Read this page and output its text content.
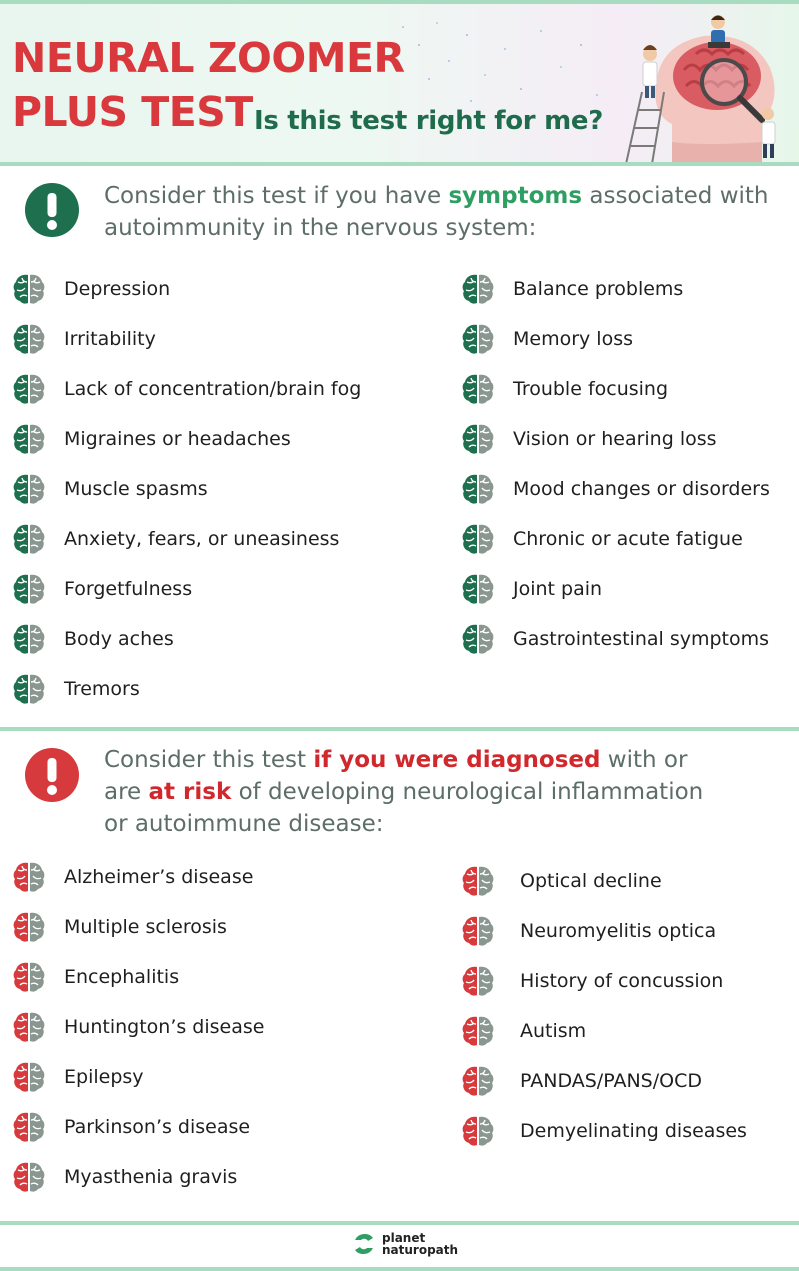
NEURAL ZOOMER
PLUS TEST Is this test right for me?
Consider this test if you have symptoms associated with autoimmunity in the nervous system:
Depression
Irritability
Lack of concentration/brain fog
Migraines or headaches
Muscle spasms
Anxiety, fears, or uneasiness
Forgetfulness
Body aches
Tremors
Balance problems
Memory loss
Trouble focusing
Vision or hearing loss
Mood changes or disorders
Chronic or acute fatigue
Joint pain
Gastrointestinal symptoms
Consider this test if you were diagnosed with or are at risk of developing neurological inflammation or autoimmune disease:
Alzheimer’s disease
Multiple sclerosis
Encephalitis
Huntington’s disease
Epilepsy
Parkinson’s disease
Myasthenia gravis
Optical decline
Neuromyelitis optica
History of concussion
Autism
PANDAS/PANS/OCD
Demyelinating diseases
planet
naturopath
